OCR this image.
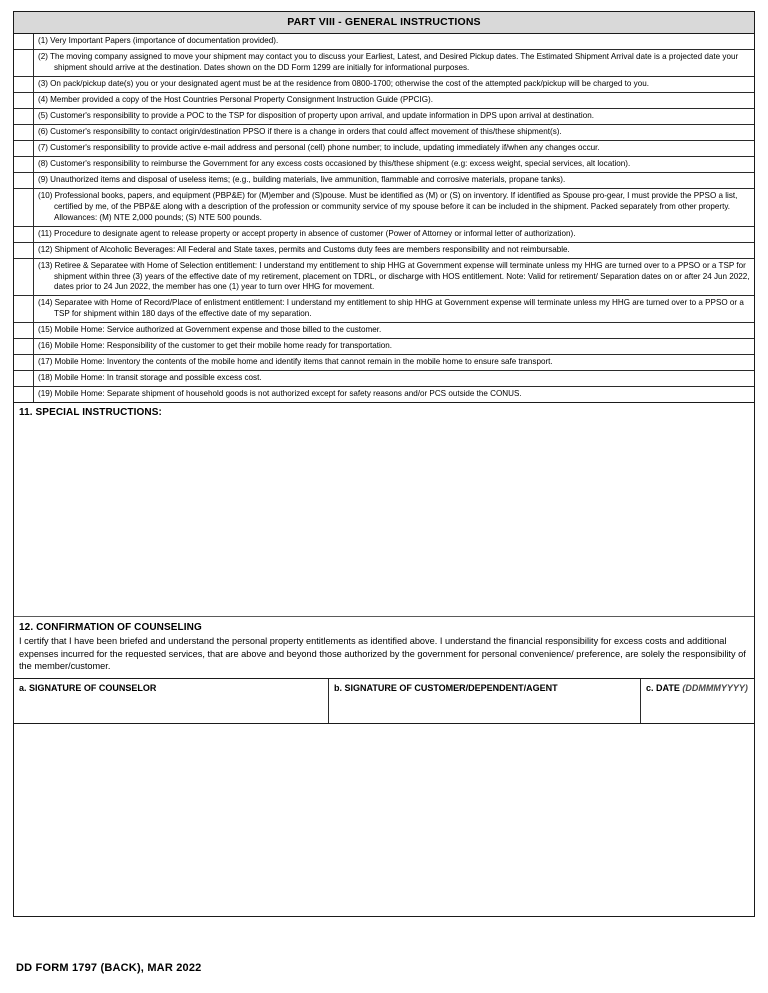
PART VIII - GENERAL INSTRUCTIONS

	(1) Very Important Papers (importance of documentation provided).

	(2) The moving company assigned to move your shipment may contact you to discuss your Earliest, Latest, and Desired Pickup dates. The Estimated Shipment Arrival date is a projected date your shipment should arrive at the destination. Dates shown on the DD Form 1299 are initially for informational purposes.

	(3) On pack/pickup date(s) you or your designated agent must be at the residence from 0800-1700; otherwise the cost of the attempted pack/pickup will be charged to you.

	(4) Member provided a copy of the Host Countries Personal Property Consignment Instruction Guide (PPCIG).

	(5) Customer's responsibility to provide a POC to the TSP for disposition of property upon arrival, and update information in DPS upon arrival at destination.

	(6) Customer's responsibility to contact origin/destination PPSO if there is a change in orders that could affect movement of this/these shipment(s).

	(7) Customer's responsibility to provide active e-mail address and personal (cell) phone number; to include, updating immediately if/when any changes occur.

	(8) Customer's responsibility to reimburse the Government for any excess costs occasioned by this/these shipment (e.g: excess weight, special services, alt location).

	(9) Unauthorized items and disposal of useless items; (e.g., building materials, live ammunition, flammable and corrosive materials, propane tanks).

	(10) Professional books, papers, and equipment (PBP&E) for (M)ember and (S)pouse. Must be identified as (M) or (S) on inventory. If identified as Spouse pro-gear, I must provide the PPSO a list, certified by me, of the PBP&E along with a description of the profession or community service of my spouse before it can be included in the shipment. Packed separately from other property. Allowances: (M) NTE 2,000 pounds; (S) NTE 500 pounds.

	(11) Procedure to designate agent to release property or accept property in absence of customer (Power of Attorney or informal letter of authorization).

	(12) Shipment of Alcoholic Beverages: All Federal and State taxes, permits and Customs duty fees are members responsibility and not reimbursable.

	(13) Retiree & Separatee with Home of Selection entitlement: I understand my entitlement to ship HHG at Government expense will terminate unless my HHG are turned over to a PPSO or a TSP for shipment within three (3) years of the effective date of my retirement, placement on TDRL, or discharge with HOS entitlement. Note: Valid for retirement/ Separation dates on or after 24 Jun 2022, dates prior to 24 Jun 2022, the member has one (1) year to turn over HHG for movement.

	(14) Separatee with Home of Record/Place of enlistment entitlement: I understand my entitlement to ship HHG at Government expense will terminate unless my HHG are turned over to a PPSO or a TSP for shipment within 180 days of the effective date of my separation.

	(15) Mobile Home: Service authorized at Government expense and those billed to the customer.

	(16) Mobile Home: Responsibility of the customer to get their mobile home ready for transportation.

	(17) Mobile Home: Inventory the contents of the mobile home and identify items that cannot remain in the mobile home to ensure safe transport.

	(18) Mobile Home: In transit storage and possible excess cost.

	(19) Mobile Home: Separate shipment of household goods is not authorized except for safety reasons and/or PCS outside the CONUS.
11. SPECIAL INSTRUCTIONS:
12. CONFIRMATION OF COUNSELING
I certify that I have been briefed and understand the personal property entitlements as identified above. I understand the financial responsibility for excess costs and additional expenses incurred for the requested services, that are above and beyond those authorized by the government for personal convenience/ preference, are solely the responsibility of the member/customer.
a. SIGNATURE OF COUNSELOR	b. SIGNATURE OF CUSTOMER/DEPENDENT/AGENT	c. DATE (DDMMMYYYY)
DD FORM 1797 (BACK), MAR 2022
